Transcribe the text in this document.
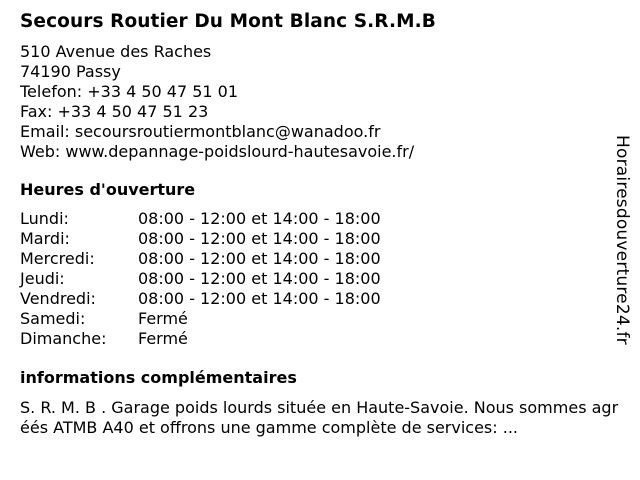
Secours Routier Du Mont Blanc S.R.M.B
510 Avenue des Raches
74190 Passy
Telefon: +33 4 50 47 51 01
Fax: +33 4 50 47 51 23
Email: secoursroutiermontblanc@wanadoo.fr
Web: www.depannage-poidslourd-hautesavoie.fr/
Heures d'ouverture
Lundi:	08:00 - 12:00 et 14:00 - 18:00
Mardi:	08:00 - 12:00 et 14:00 - 18:00
Mercredi:	08:00 - 12:00 et 14:00 - 18:00
Jeudi:	08:00 - 12:00 et 14:00 - 18:00
Vendredi:	08:00 - 12:00 et 14:00 - 18:00
Samedi:	Fermé
Dimanche:	Fermé
informations complémentaires
S. R. M. B . Garage poids lourds située en Haute-Savoie. Nous sommes agréés ATMB A40 et offrons une gamme complète de services: ...
Horairesdouverture24.fr
